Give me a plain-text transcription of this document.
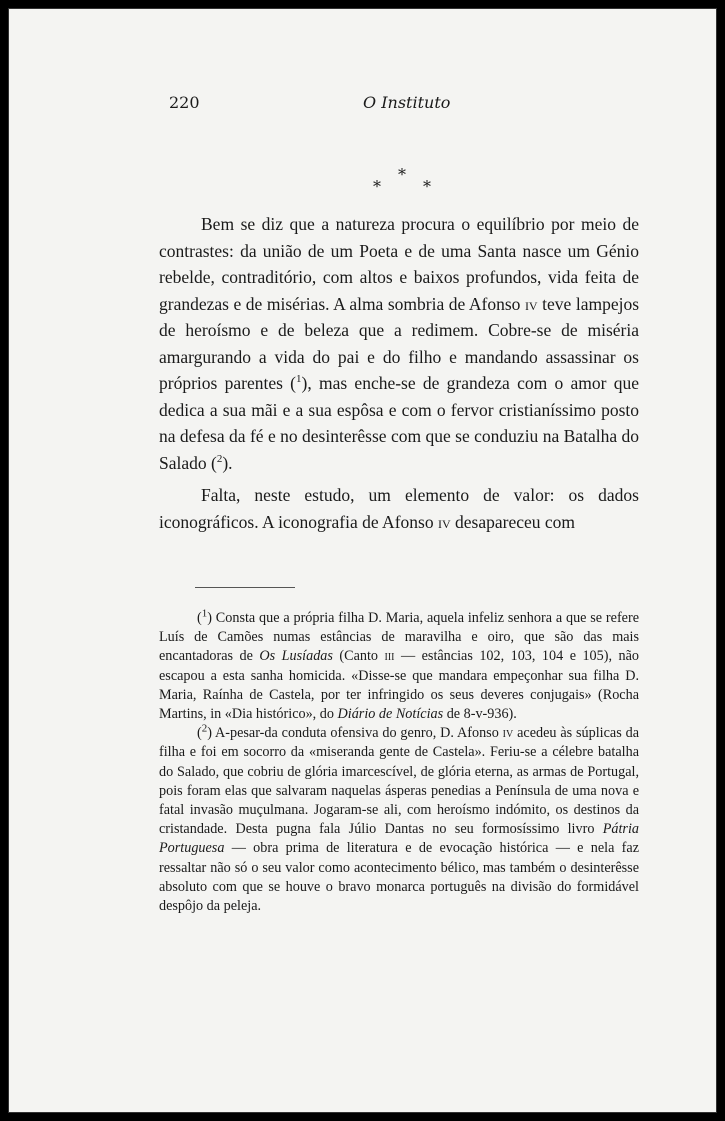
220	O Instituto
*
*	*

Bem se diz que a natureza procura o equilíbrio por meio de contrastes: da união de um Poeta e de uma Santa nasce um Génio rebelde, contraditório, com altos e baixos profundos, vida feita de grandezas e de misérias. A alma sombria de Afonso iv teve lampejos de heroísmo e de beleza que a redimem. Cobre-se de miséria amargurando a vida do pai e do filho e mandando assassinar os próprios parentes ($^1$), mas enche-se de grandeza com o amor que dedica a sua mãi e a sua espôsa e com o fervor cristianíssimo posto na defesa da fé e no desinterêsse com que se conduziu na Batalha do Salado ($^2$).

Falta, neste estudo, um elemento de valor: os dados iconográficos. A iconografia de Afonso iv desapareceu com

($^1$) Consta que a própria filha D. Maria, aquela infeliz senhora a que se refere Luís de Camões numas estâncias de maravilha e oiro, que são das mais encantadoras de Os Lusíadas (Canto iii — estâncias 102, 103, 104 e 105), não escapou a esta sanha homicida. «Disse-se que mandara empeçonhar sua filha D. Maria, Raínha de Castela, por ter infringido os seus deveres conjugais» (Rocha Martins, in «Dia histórico», do Diário de Notícias de 8-v-936).

($^2$) A-pesar-da conduta ofensiva do genro, D. Afonso iv acedeu às súplicas da filha e foi em socorro da «miseranda gente de Castela». Feriu-se a célebre batalha do Salado, que cobriu de glória imarcescível, de glória eterna, as armas de Portugal, pois foram elas que salvaram naquelas ásperas penedias a Península de uma nova e fatal invasão muçulmana. Jogaram-se ali, com heroísmo indómito, os destinos da cristandade. Desta pugna fala Júlio Dantas no seu formosíssimo livro Pátria Portuguesa — obra prima de literatura e de evocação histórica — e nela faz ressaltar não só o seu valor como acontecimento bélico, mas também o desinterêsse absoluto com que se houve o bravo monarca português na divisão do formidável despôjo da peleja.
